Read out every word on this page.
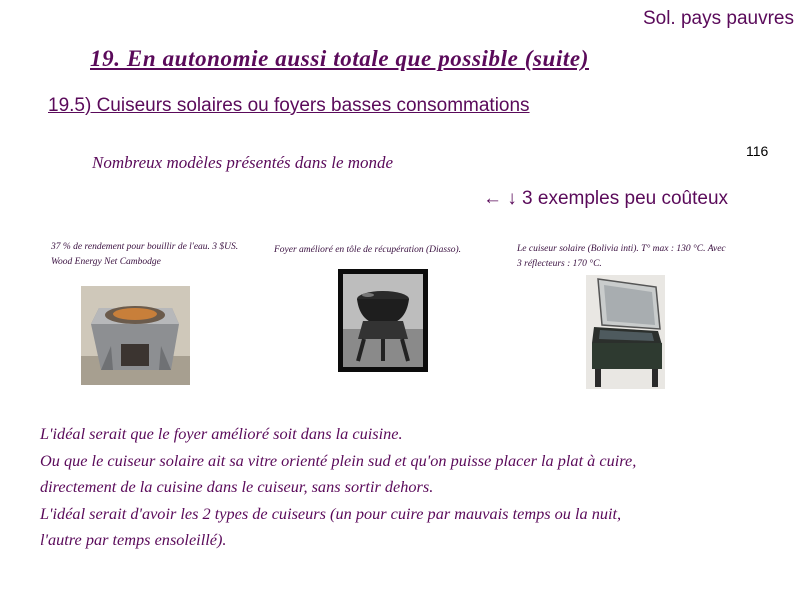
Sol. pays pauvres
19. En autonomie aussi totale que possible (suite)
19.5) Cuiseurs solaires ou foyers basses consommations
116
Nombreux modèles présentés dans le monde
← ↓ 3 exemples peu coûteux
37 % de rendement pour bouillir de l'eau. 3 $US.
Wood Energy Net Cambodge
Foyer amélioré en tôle de récupération (Diasso).	Le cuiseur solaire (Bolivia inti). T° max : 130 °C. Avec
3 réflecteurs : 170 °C.
L'idéal serait que le foyer amélioré soit dans la cuisine.
Ou que le cuiseur solaire ait sa vitre orienté plein sud et qu'on puisse placer la plat à cuire,
directement de la cuisine dans le cuiseur, sans sortir dehors.
L'idéal serait d'avoir les 2 types de cuiseurs (un pour cuire par mauvais temps ou la nuit,
l'autre par temps ensoleillé).
